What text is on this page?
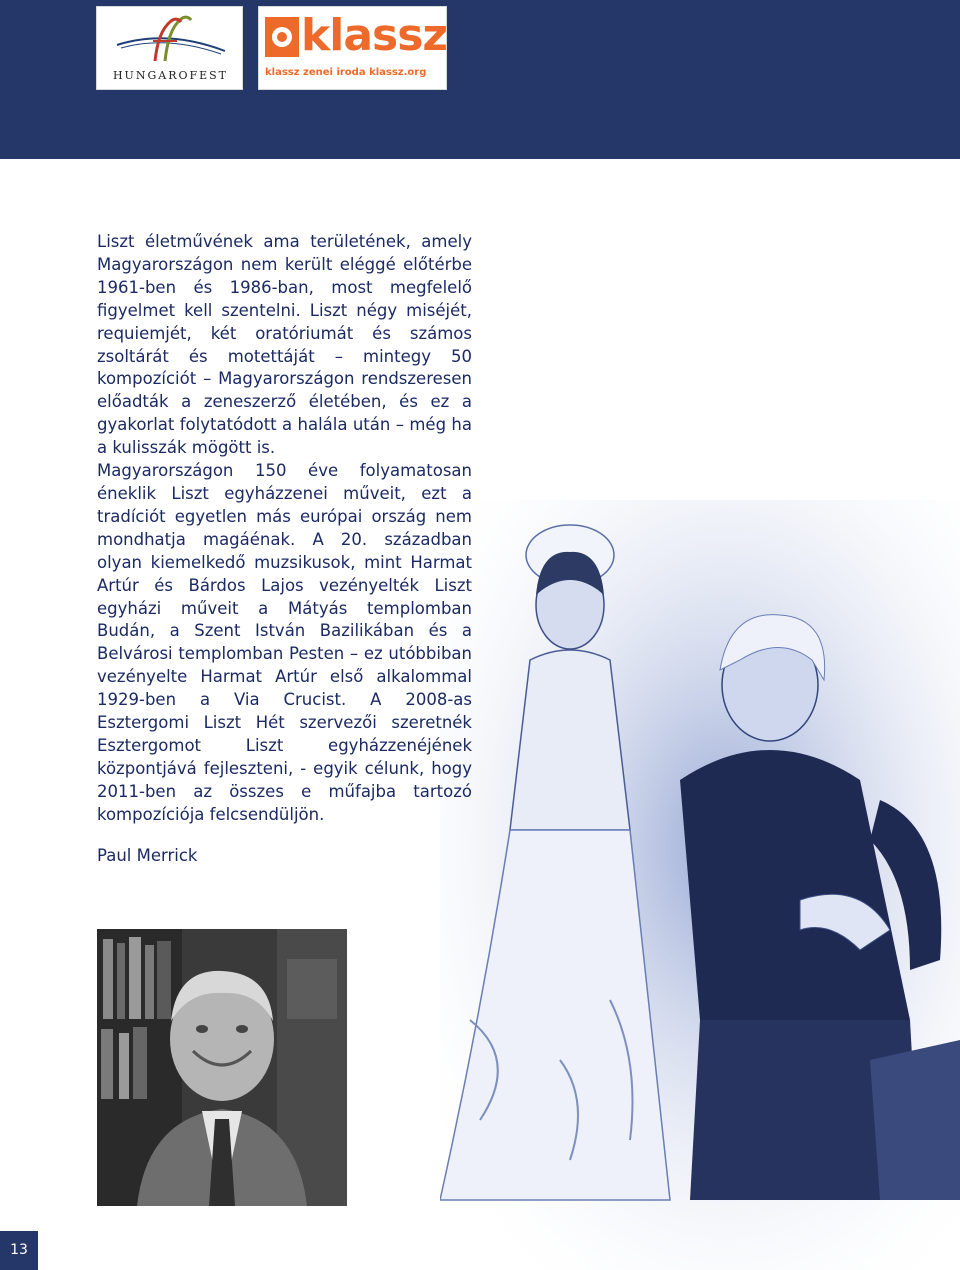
HUNGAROFEST
klassz
klassz zenei iroda klassz.org

Liszt életművének ama területének, amely Magyarországon nem került eléggé előtérbe 1961-ben és 1986-ban, most megfelelő figyelmet kell szentelni. Liszt négy miséjét, requiemjét, két oratóriumát és számos zsoltárát és motettáját – mintegy 50 kompozíciót – Magyarországon rendszeresen előadták a zeneszerző életében, és ez a gyakorlat folytatódott a halála után – még ha a kulisszák mögött is.

Magyarországon 150 éve folyamatosan éneklik Liszt egyházzenei műveit, ezt a tradíciót egyetlen más európai ország nem mondhatja magáénak. A 20. században olyan kiemelkedő muzsikusok, mint Harmat Artúr és Bárdos Lajos vezényelték Liszt egyházi műveit a Mátyás templomban Budán, a Szent István Bazilikában és a Belvárosi templomban Pesten – ez utóbbiban vezényelte Harmat Artúr első alkalommal 1929-ben a Via Crucist. A 2008-as Esztergomi Liszt Hét szervezői szeretnék Esztergomot Liszt egyházzenéjének központjává fejleszteni, - egyik célunk, hogy 2011-ben az összes e műfajba tartozó kompozíciója felcsendüljön.

Paul Merrick
13
